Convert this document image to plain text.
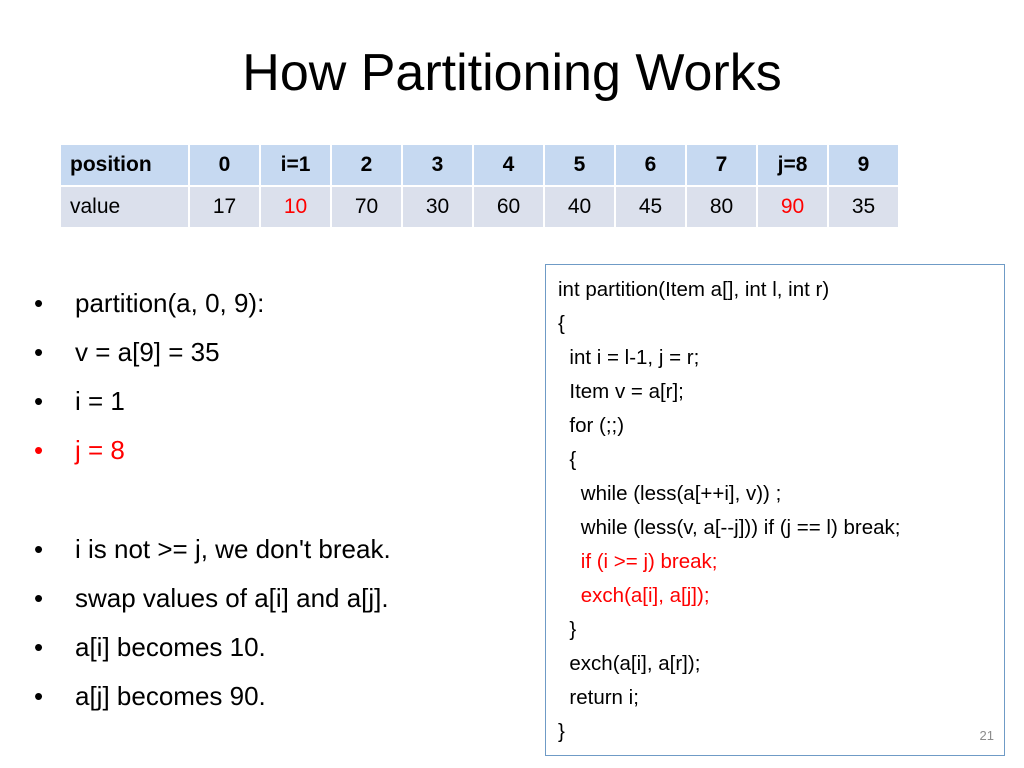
How Partitioning Works
position	0	i=1	2	3	4	5	6	7	j=8	9
value	17	10	70	30	60	40	45	80	90	35
• partition(a, 0, 9):
• v = a[9] = 35
• i = 1
• j = 8
• i is not >= j, we don't break.
• swap values of a[i] and a[j].
• a[i] becomes 10.
• a[j] becomes 90.
int partition(Item a[], int l, int r)
{
int i = l-1, j = r;
Item v = a[r];
for (;;)
{
while (less(a[++i], v)) ;
while (less(v, a[--j])) if (j == l) break;
if (i >= j) break;
exch(a[i], a[j]);
}
exch(a[i], a[r]);
return i;
}	21
